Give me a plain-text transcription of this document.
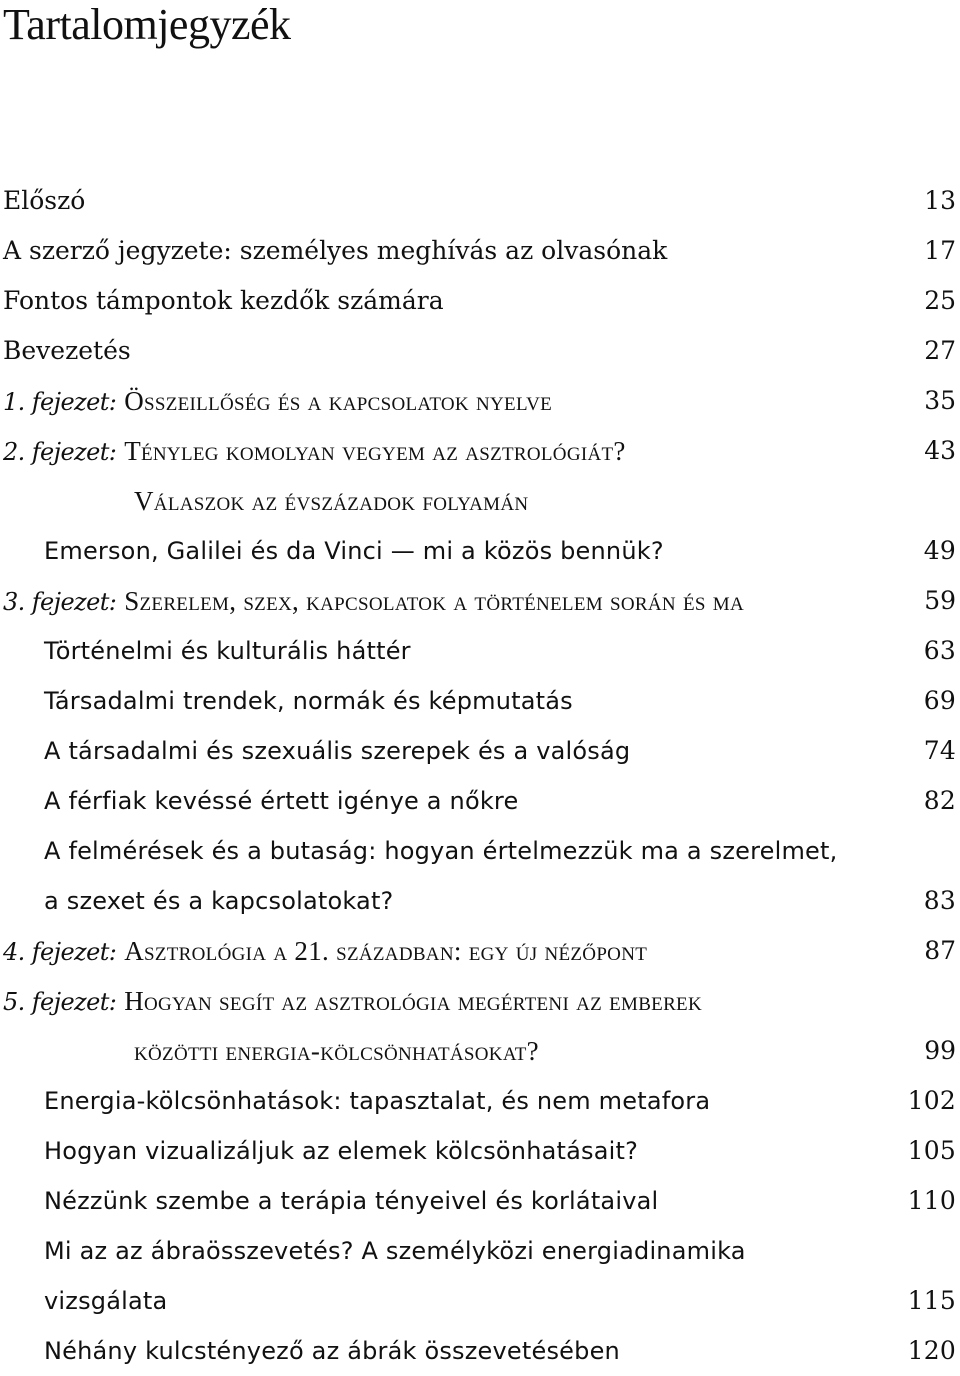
Tartalomjegyzék
Előszó	13
A szerző jegyzete: személyes meghívás az olvasónak	17
Fontos támpontok kezdők számára	25
Bevezetés	27
1. fejezet: Összeillőség és a kapcsolatok nyelve	35
2. fejezet: Tényleg komolyan vegyem az asztrológiát?	43
Válaszok az évszázadok folyamán
Emerson, Galilei és da Vinci — mi a közös bennük?	49
3. fejezet: Szerelem, szex, kapcsolatok a történelem során és ma	59
Történelmi és kulturális háttér	63
Társadalmi trendek, normák és képmutatás	69
A társadalmi és szexuális szerepek és a valóság	74
A férfiak kevéssé értett igénye a nőkre	82
A felmérések és a butaság: hogyan értelmezzük ma a szerelmet,
a szexet és a kapcsolatokat?	83
4. fejezet: Asztrológia a 21. században: egy új nézőpont	87
5. fejezet: Hogyan segít az asztrológia megérteni az emberek
közötti energia-kölcsönhatásokat?	99
Energia-kölcsönhatások: tapasztalat, és nem metafora	102
Hogyan vizualizáljuk az elemek kölcsönhatásait?	105
Nézzünk szembe a terápia tényeivel és korlátaival	110
Mi az az ábraösszevetés? A személyközi energiadinamika
vizsgálata	115
Néhány kulcstényező az ábrák összevetésében	120
